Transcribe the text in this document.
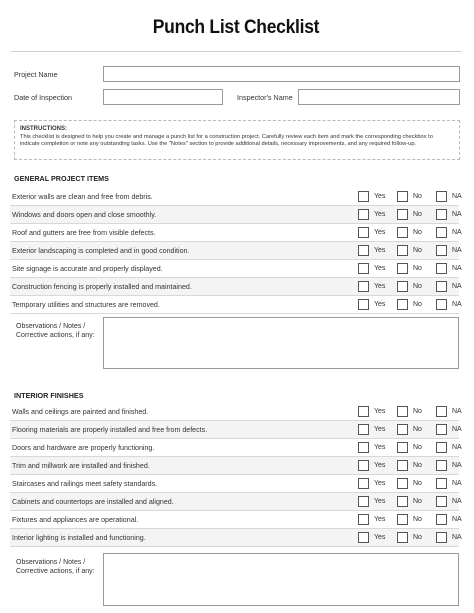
Punch List Checklist
Project Name
Date of Inspection	Inspector's Name
INSTRUCTIONS:
This checklist is designed to help you create and manage a punch list for a construction project. Carefully review each item and mark the corresponding checkbox to indicate completion or note any outstanding tasks. Use the "Notes" section to provide additional details, necessary improvements, and any required follow-up.
GENERAL PROJECT ITEMS
Exterior walls are clean and free from debris.	Yes	No	NA
Windows and doors open and close smoothly.	Yes	No	NA
Roof and gutters are free from visible defects.	Yes	No	NA
Exterior landscaping is completed and in good condition.	Yes	No	NA
Site signage is accurate and properly displayed.	Yes	No	NA
Construction fencing is properly installed and maintained.	Yes	No	NA
Temporary utilities and structures are removed.	Yes	No	NA
Observations / Notes / Corrective actions, if any:
INTERIOR FINISHES
Walls and ceilings are painted and finished.	Yes	No	NA
Flooring materials are properly installed and free from defects.	Yes	No	NA
Doors and hardware are properly functioning.	Yes	No	NA
Trim and millwork are installed and finished.	Yes	No	NA
Staircases and railings meet safety standards.	Yes	No	NA
Cabinets and countertops are installed and aligned.	Yes	No	NA
Fixtures and appliances are operational.	Yes	No	NA
Interior lighting is installed and functioning.	Yes	No	NA
Observations / Notes / Corrective actions, if any:
